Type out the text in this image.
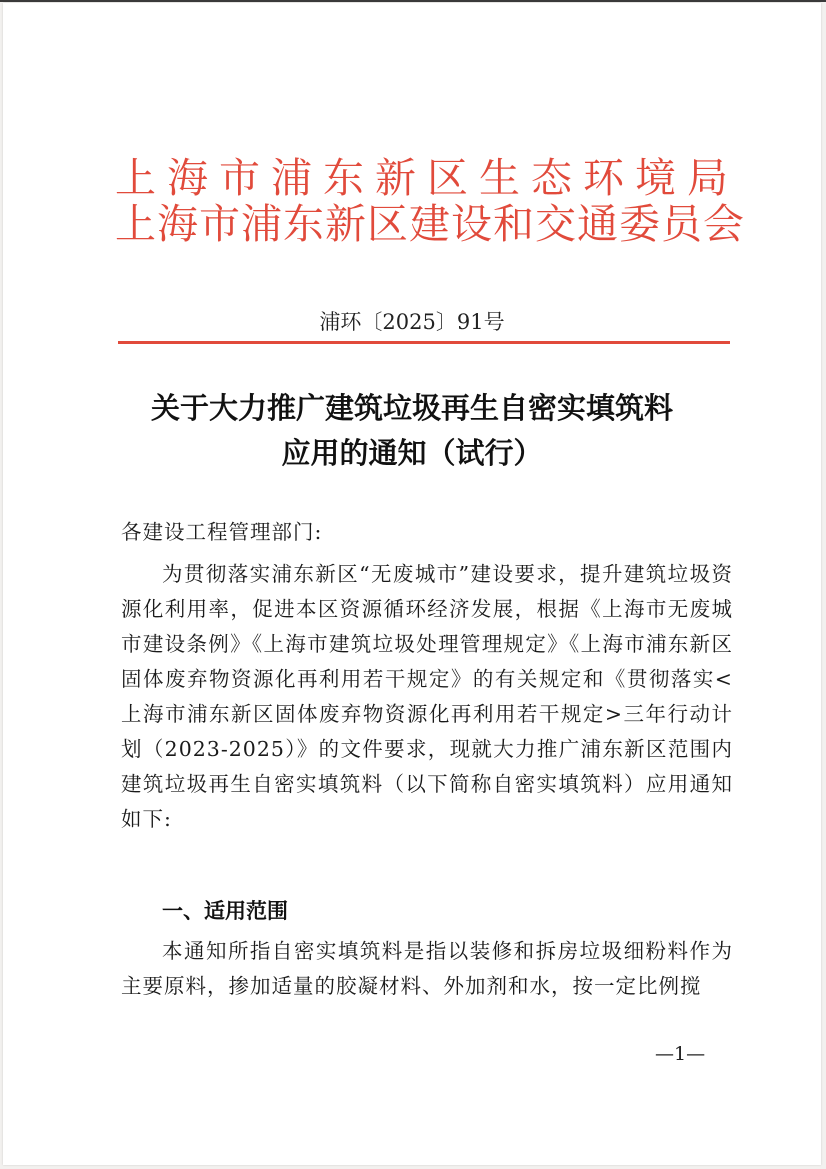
上海市浦东新区生态环境局
上海市浦东新区建设和交通委员会
浦环〔2025〕91号
关于大力推广建筑垃圾再生自密实填筑料
应用的通知（试行）
各建设工程管理部门:
为贯彻落实浦东新区“无废城市”建设要求，提升建筑垃圾资源化利用率，促进本区资源循环经济发展，根据《上海市无废城市建设条例》《上海市建筑垃圾处理管理规定》《上海市浦东新区固体废弃物资源化再利用若干规定》的有关规定和《贯彻落实<上海市浦东新区固体废弃物资源化再利用若干规定>三年行动计划（2023-2025）》的文件要求，现就大力推广浦东新区范围内建筑垃圾再生自密实填筑料（以下简称自密实填筑料）应用通知如下:
一、适用范围
本通知所指自密实填筑料是指以装修和拆房垃圾细粉料作为主要原料，掺加适量的胶凝材料、外加剂和水，按一定比例搅
—1—
